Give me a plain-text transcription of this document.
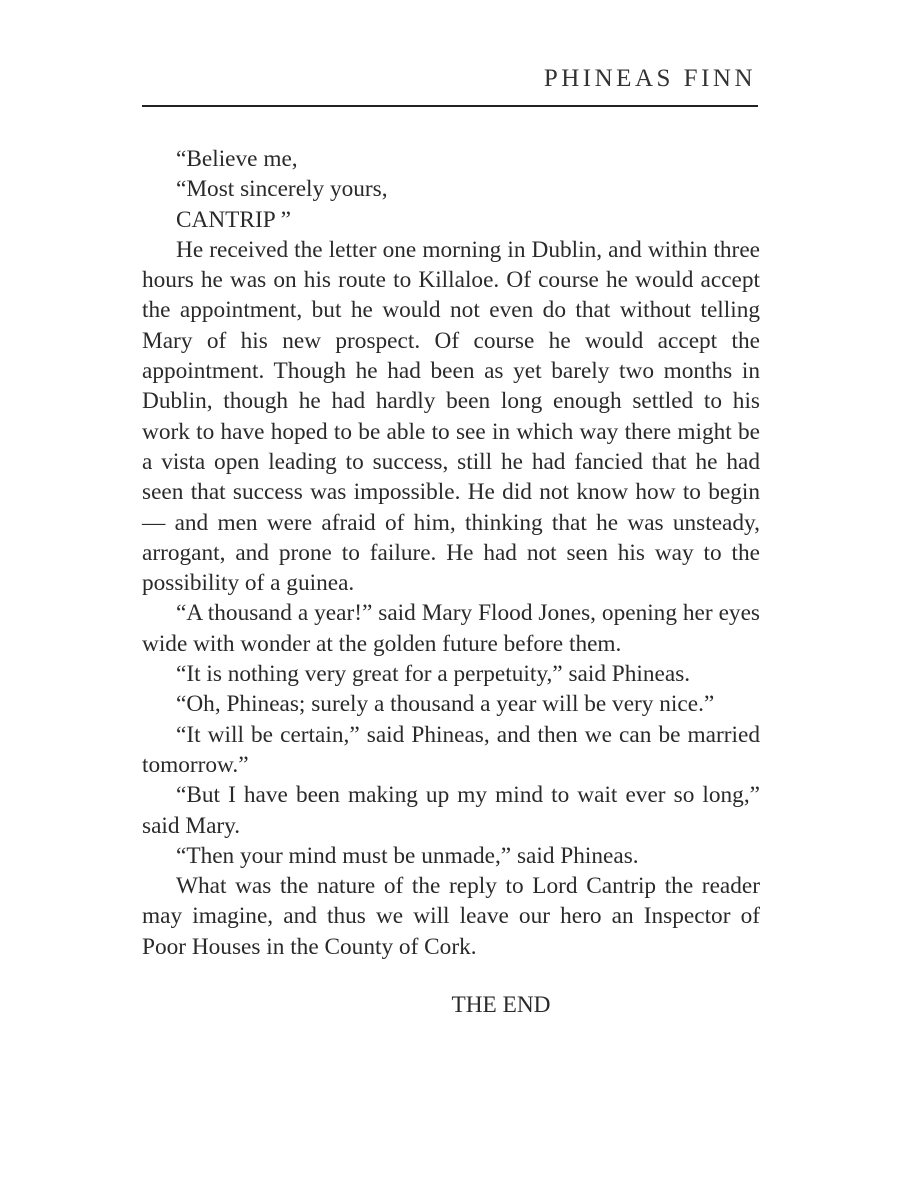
PHINEAS FINN

“Believe me,

“Most sincerely yours,

CANTRIP ”

He received the letter one morning in Dublin, and within three hours he was on his route to Killaloe. Of course he would accept the appointment, but he would not even do that without telling Mary of his new prospect. Of course he would accept the appointment. Though he had been as yet barely two months in Dublin, though he had hardly been long enough settled to his work to have hoped to be able to see in which way there might be a vista open leading to success, still he had fancied that he had seen that success was impossible. He did not know how to begin — and men were afraid of him, thinking that he was unsteady, arrogant, and prone to failure. He had not seen his way to the possibility of a guinea.

“A thousand a year!” said Mary Flood Jones, opening her eyes wide with wonder at the golden future before them.

“It is nothing very great for a perpetuity,” said Phineas.

“Oh, Phineas; surely a thousand a year will be very nice.”

“It will be certain,” said Phineas, and then we can be married tomorrow.”

“But I have been making up my mind to wait ever so long,” said Mary.

“Then your mind must be unmade,” said Phineas.

What was the nature of the reply to Lord Cantrip the reader may imagine, and thus we will leave our hero an Inspector of Poor Houses in the County of Cork.

THE END
